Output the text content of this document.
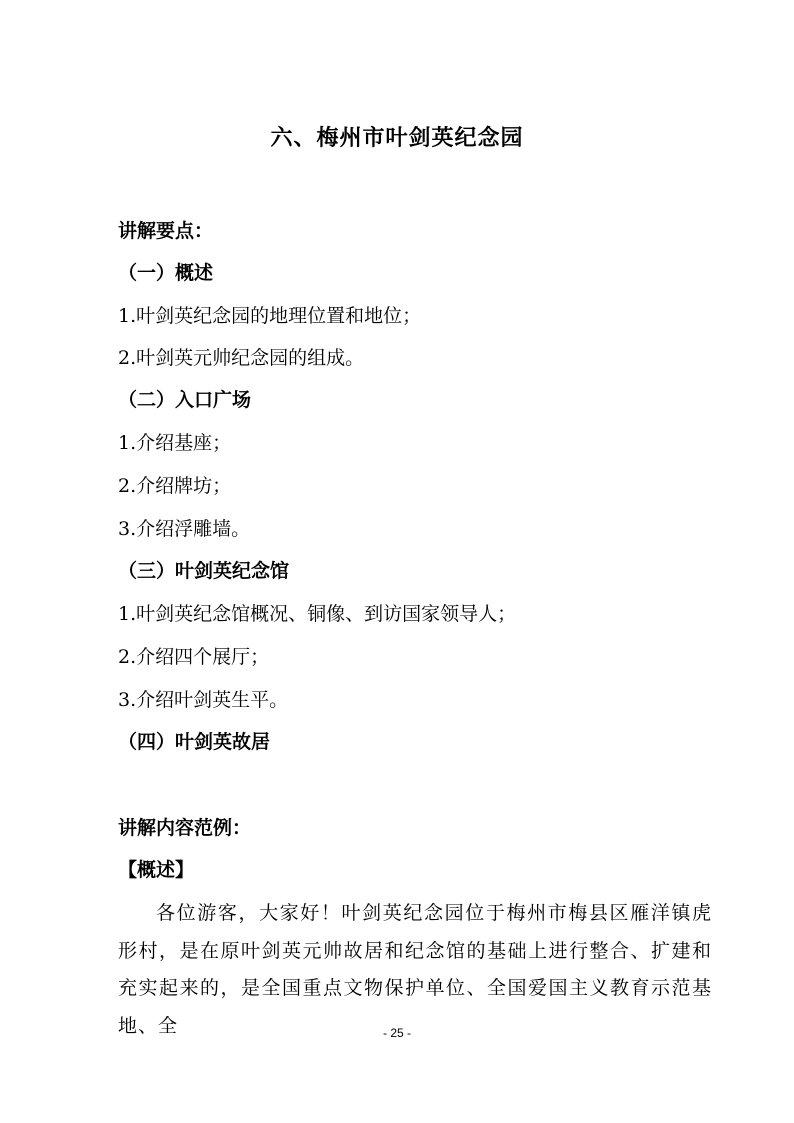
六、梅州市叶剑英纪念园
讲解要点：
（一）概述
1.叶剑英纪念园的地理位置和地位；
2.叶剑英元帅纪念园的组成。
（二）入口广场
1.介绍基座；
2.介绍牌坊；
3.介绍浮雕墙。
（三）叶剑英纪念馆
1.叶剑英纪念馆概况、铜像、到访国家领导人；
2.介绍四个展厅；
3.介绍叶剑英生平。
（四）叶剑英故居
讲解内容范例：
【概述】
各位游客，大家好！叶剑英纪念园位于梅州市梅县区雁洋镇虎形村，是在原叶剑英元帅故居和纪念馆的基础上进行整合、扩建和充实起来的，是全国重点文物保护单位、全国爱国主义教育示范基地、全	- 25 -
